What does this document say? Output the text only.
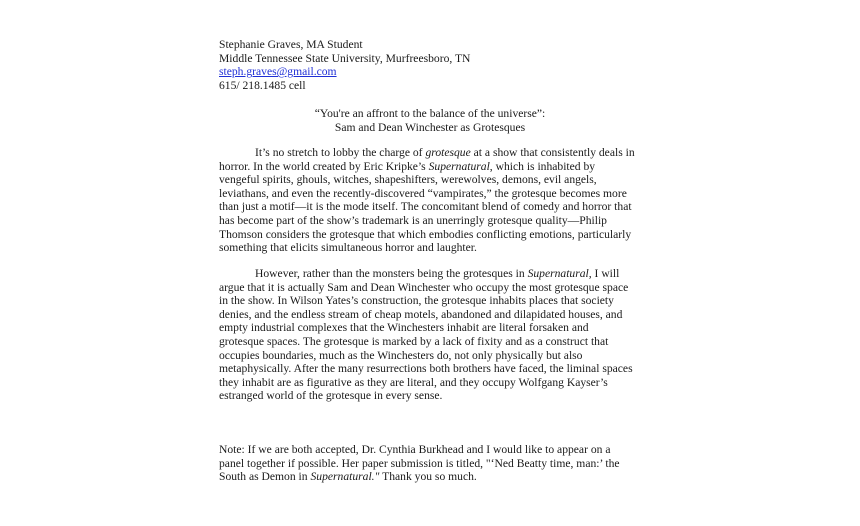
Stephanie Graves, MA Student
Middle Tennessee State University, Murfreesboro, TN
steph.graves@gmail.com
615/ 218.1485 cell
“You're an affront to the balance of the universe”:
Sam and Dean Winchester as Grotesques
It’s no stretch to lobby the charge of grotesque at a show that consistently deals in
horror. In the world created by Eric Kripke’s Supernatural, which is inhabited by
vengeful spirits, ghouls, witches, shapeshifters, werewolves, demons, evil angels,
leviathans, and even the recently-discovered “vampirates,” the grotesque becomes more
than just a motif—it is the mode itself. The concomitant blend of comedy and horror that
has become part of the show’s trademark is an unerringly grotesque quality—Philip
Thomson considers the grotesque that which embodies conflicting emotions, particularly
something that elicits simultaneous horror and laughter.
However, rather than the monsters being the grotesques in Supernatural, I will
argue that it is actually Sam and Dean Winchester who occupy the most grotesque space
in the show. In Wilson Yates’s construction, the grotesque inhabits places that society
denies, and the endless stream of cheap motels, abandoned and dilapidated houses, and
empty industrial complexes that the Winchesters inhabit are literal forsaken and
grotesque spaces. The grotesque is marked by a lack of fixity and as a construct that
occupies boundaries, much as the Winchesters do, not only physically but also
metaphysically. After the many resurrections both brothers have faced, the liminal spaces
they inhabit are as figurative as they are literal, and they occupy Wolfgang Kayser’s
estranged world of the grotesque in every sense.
Note: If we are both accepted, Dr. Cynthia Burkhead and I would like to appear on a
panel together if possible. Her paper submission is titled, "‘Ned Beatty time, man:’ the
South as Demon in Supernatural." Thank you so much.
